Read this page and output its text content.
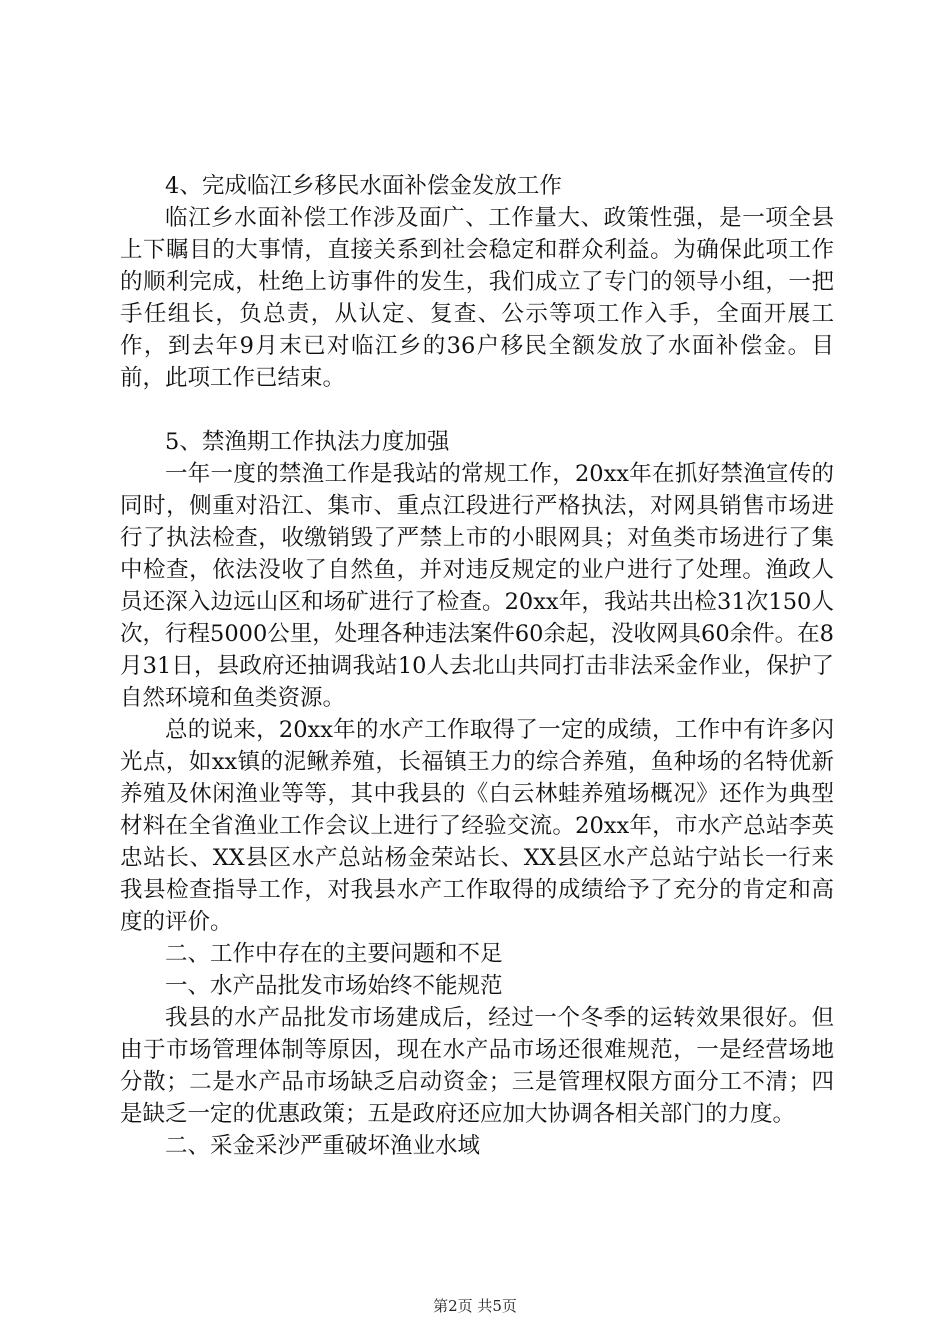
4、完成临江乡移民水面补偿金发放工作

临江乡水面补偿工作涉及面广、工作量大、政策性强，是一项全县上下瞩目的大事情，直接关系到社会稳定和群众利益。为确保此项工作的顺利完成，杜绝上访事件的发生，我们成立了专门的领导小组，一把手任组长，负总责，从认定、复查、公示等项工作入手，全面开展工作，到去年9月末已对临江乡的36户移民全额发放了水面补偿金。目前，此项工作已结束。

5、禁渔期工作执法力度加强

一年一度的禁渔工作是我站的常规工作，20xx年在抓好禁渔宣传的同时，侧重对沿江、集市、重点江段进行严格执法，对网具销售市场进行了执法检查，收缴销毁了严禁上市的小眼网具；对鱼类市场进行了集中检查，依法没收了自然鱼，并对违反规定的业户进行了处理。渔政人员还深入边远山区和场矿进行了检查。20xx年，我站共出检31次150人次，行程5000公里，处理各种违法案件60余起，没收网具60余件。在8月31日，县政府还抽调我站10人去北山共同打击非法采金作业，保护了自然环境和鱼类资源。

总的说来，20xx年的水产工作取得了一定的成绩，工作中有许多闪光点，如xx镇的泥鳅养殖，长福镇王力的综合养殖，鱼种场的名特优新养殖及休闲渔业等等，其中我县的《白云林蛙养殖场概况》还作为典型材料在全省渔业工作会议上进行了经验交流。20xx年，市水产总站李英忠站长、XX县区水产总站杨金荣站长、XX县区水产总站宁站长一行来我县检查指导工作，对我县水产工作取得的成绩给予了充分的肯定和高度的评价。

二、工作中存在的主要问题和不足

一、水产品批发市场始终不能规范

我县的水产品批发市场建成后，经过一个冬季的运转效果很好。但由于市场管理体制等原因，现在水产品市场还很难规范，一是经营场地分散；二是水产品市场缺乏启动资金；三是管理权限方面分工不清；四是缺乏一定的优惠政策；五是政府还应加大协调各相关部门的力度。

二、采金采沙严重破坏渔业水域

第2页 共5页
